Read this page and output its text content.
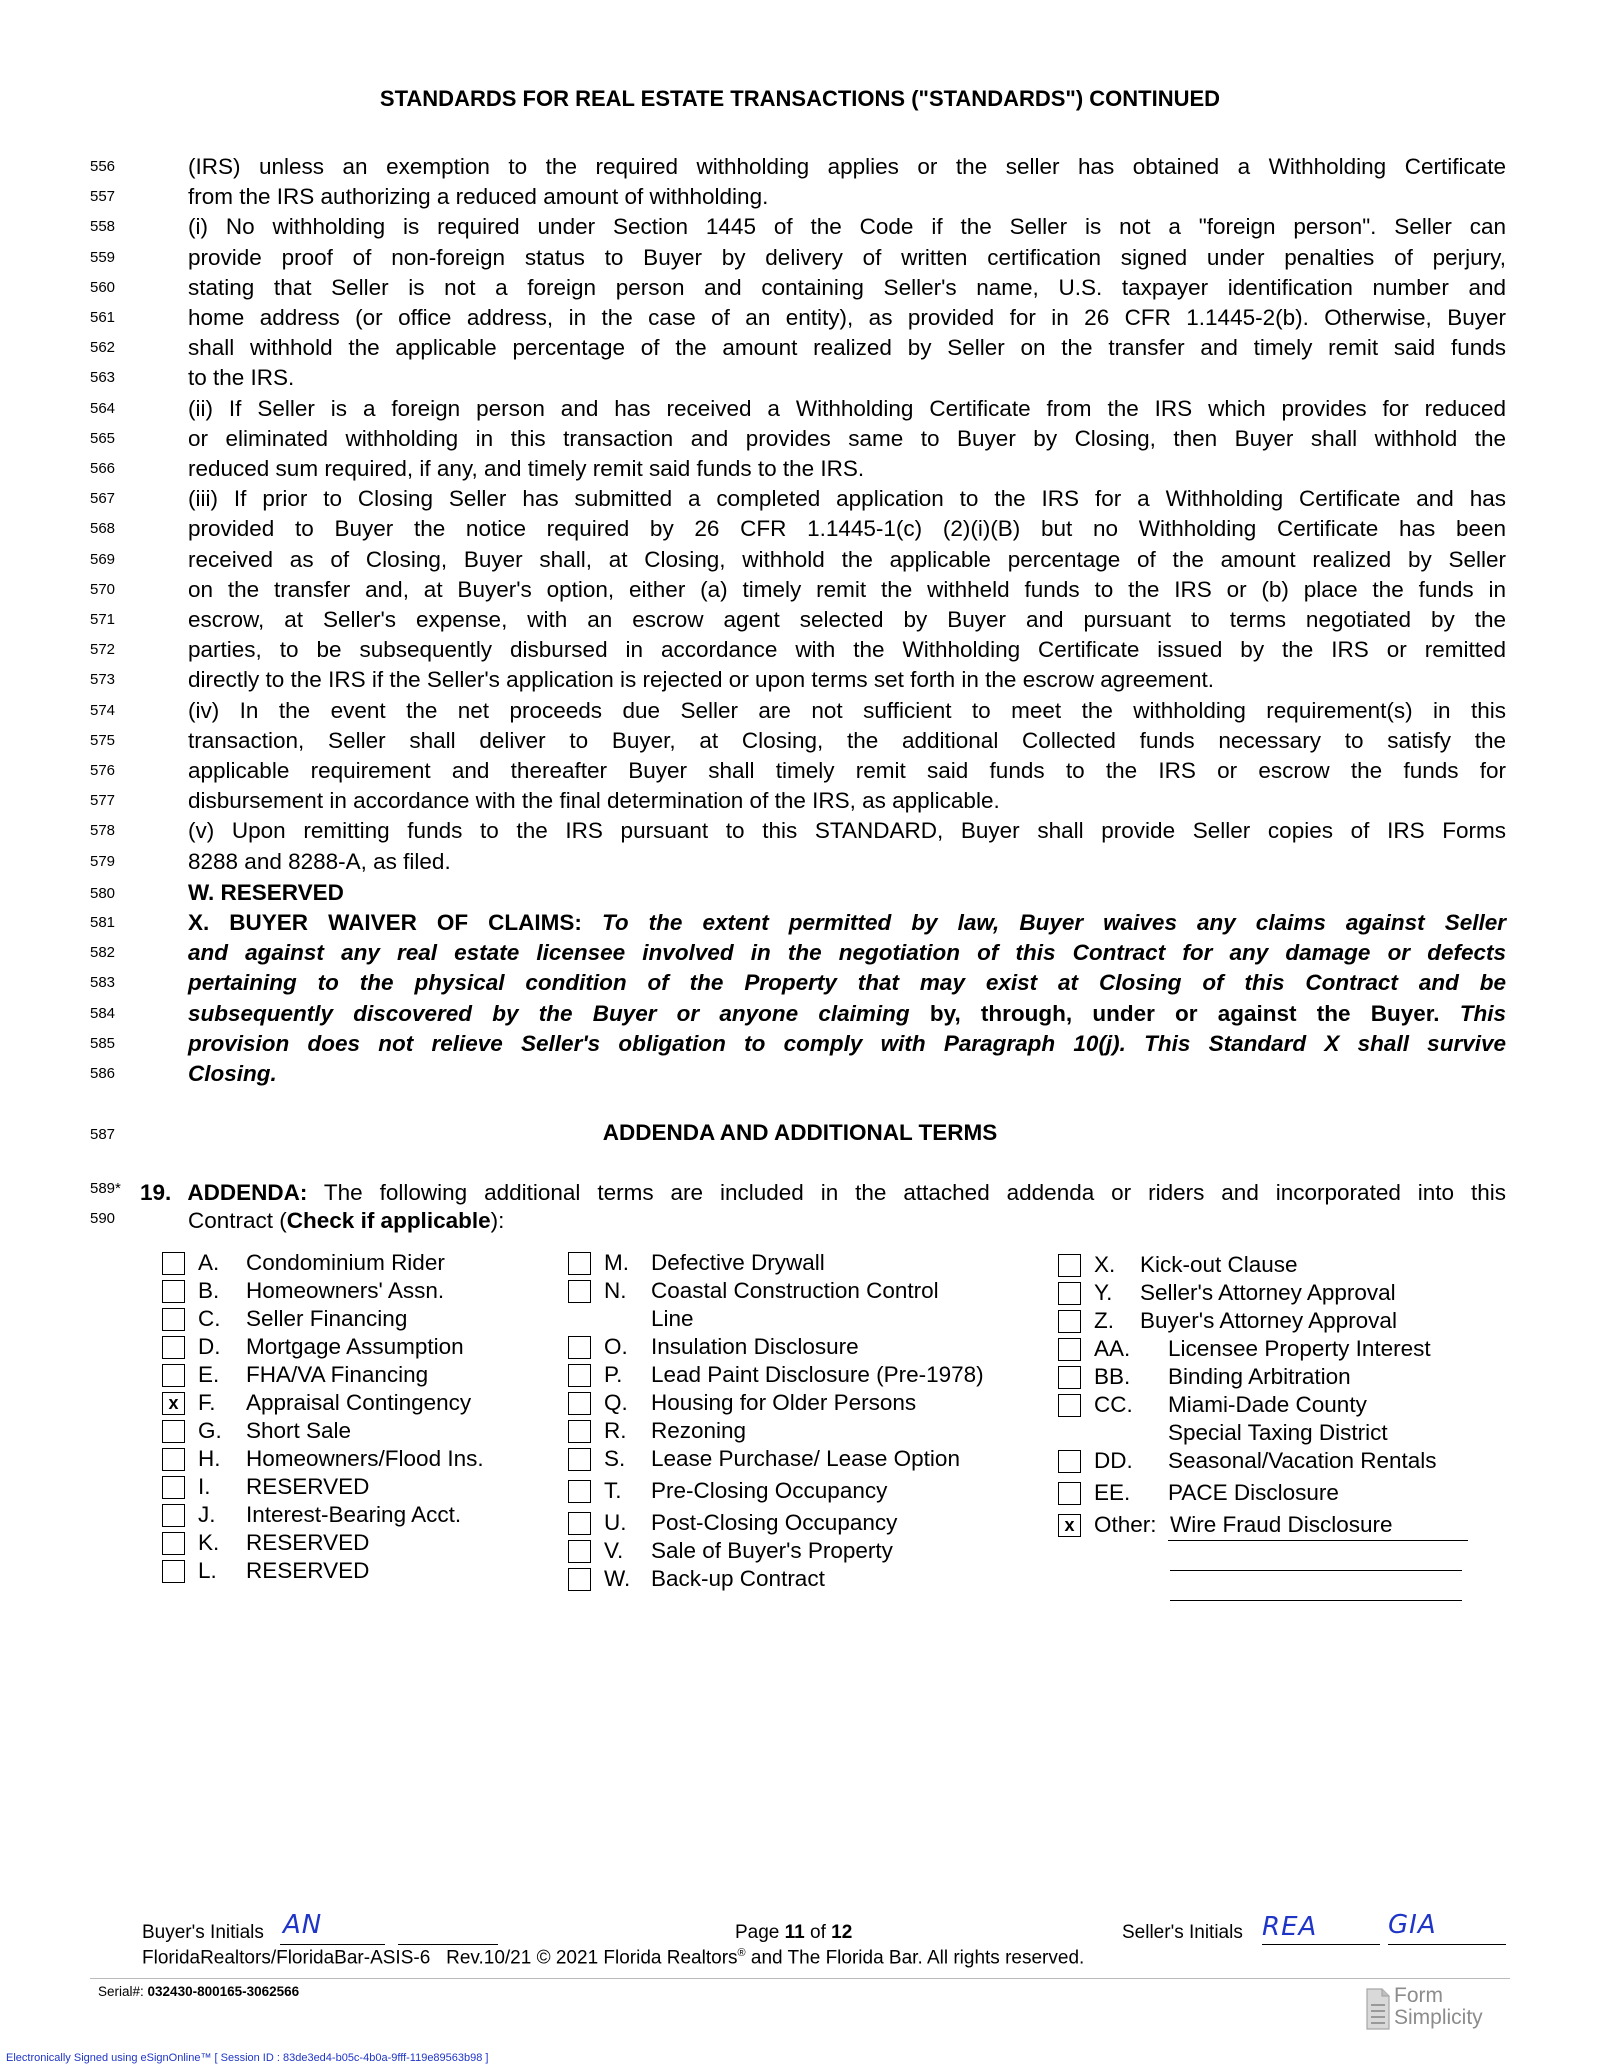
STANDARDS FOR REAL ESTATE TRANSACTIONS ("STANDARDS") CONTINUED
556	(IRS) unless an exemption to the required withholding applies or the seller has obtained a Withholding Certificate
557	from the IRS authorizing a reduced amount of withholding.
558	(i) No withholding is required under Section 1445 of the Code if the Seller is not a "foreign person". Seller can
559	provide proof of non-foreign status to Buyer by delivery of written certification signed under penalties of perjury,
560	stating that Seller is not a foreign person and containing Seller's name, U.S. taxpayer identification number and
561	home address (or office address, in the case of an entity), as provided for in 26 CFR 1.1445-2(b). Otherwise, Buyer
562	shall withhold the applicable percentage of the amount realized by Seller on the transfer and timely remit said funds
563	to the IRS.
564	(ii) If Seller is a foreign person and has received a Withholding Certificate from the IRS which provides for reduced
565	or eliminated withholding in this transaction and provides same to Buyer by Closing, then Buyer shall withhold the
566	reduced sum required, if any, and timely remit said funds to the IRS.
567	(iii) If prior to Closing Seller has submitted a completed application to the IRS for a Withholding Certificate and has
568	provided to Buyer the notice required by 26 CFR 1.1445-1(c) (2)(i)(B) but no Withholding Certificate has been
569	received as of Closing, Buyer shall, at Closing, withhold the applicable percentage of the amount realized by Seller
570	on the transfer and, at Buyer's option, either (a) timely remit the withheld funds to the IRS or (b) place the funds in
571	escrow, at Seller's expense, with an escrow agent selected by Buyer and pursuant to terms negotiated by the
572	parties, to be subsequently disbursed in accordance with the Withholding Certificate issued by the IRS or remitted
573	directly to the IRS if the Seller's application is rejected or upon terms set forth in the escrow agreement.
574	(iv) In the event the net proceeds due Seller are not sufficient to meet the withholding requirement(s) in this
575	transaction, Seller shall deliver to Buyer, at Closing, the additional Collected funds necessary to satisfy the
576	applicable requirement and thereafter Buyer shall timely remit said funds to the IRS or escrow the funds for
577	disbursement in accordance with the final determination of the IRS, as applicable.
578	(v) Upon remitting funds to the IRS pursuant to this STANDARD, Buyer shall provide Seller copies of IRS Forms
579	8288 and 8288-A, as filed.
580	W. RESERVED
581	X. BUYER WAIVER OF CLAIMS: To the extent permitted by law, Buyer waives any claims against Seller
582	and against any real estate licensee involved in the negotiation of this Contract for any damage or defects
583	pertaining to the physical condition of the Property that may exist at Closing of this Contract and be
584	subsequently discovered by the Buyer or anyone claiming by, through, under or against the Buyer. This
585	provision does not relieve Seller's obligation to comply with Paragraph 10(j). This Standard X shall survive
586	Closing.
587	ADDENDA AND ADDITIONAL TERMS
589*
590
19. ADDENDA: The following additional terms are included in the attached addenda or riders and incorporated into this
Contract (Check if applicable):
A. Condominium Rider
B. Homeowners' Assn.
C. Seller Financing
D. Mortgage Assumption
E. FHA/VA Financing
x F. Appraisal Contingency
G. Short Sale
H. Homeowners/Flood Ins.
I. RESERVED
J. Interest-Bearing Acct.
K. RESERVED
L. RESERVED
M. Defective Drywall
N. Coastal Construction Control
Line
O. Insulation Disclosure
P. Lead Paint Disclosure (Pre-1978)
Q. Housing for Older Persons
R. Rezoning
S. Lease Purchase/ Lease Option
T. Pre-Closing Occupancy
U. Post-Closing Occupancy
V. Sale of Buyer's Property
W. Back-up Contract
X. Kick-out Clause
Y. Seller's Attorney Approval
Z. Buyer's Attorney Approval
AA. Licensee Property Interest
BB. Binding Arbitration
CC. Miami-Dade County
Special Taxing District
DD. Seasonal/Vacation Rentals
EE. PACE Disclosure
x Other: Wire Fraud Disclosure
Buyer's Initials AN	Page 11 of 12	Seller's Initials REA	GIA
FloridaRealtors/FloridaBar-ASIS-6 Rev.10/21 © 2021 Florida Realtors® and The Florida Bar. All rights reserved.
Serial#: 032430-800165-3062566	Form
Simplicity
Electronically Signed using eSignOnline™ [ Session ID : 83de3ed4-b05c-4b0a-9fff-119e89563b98 ]
